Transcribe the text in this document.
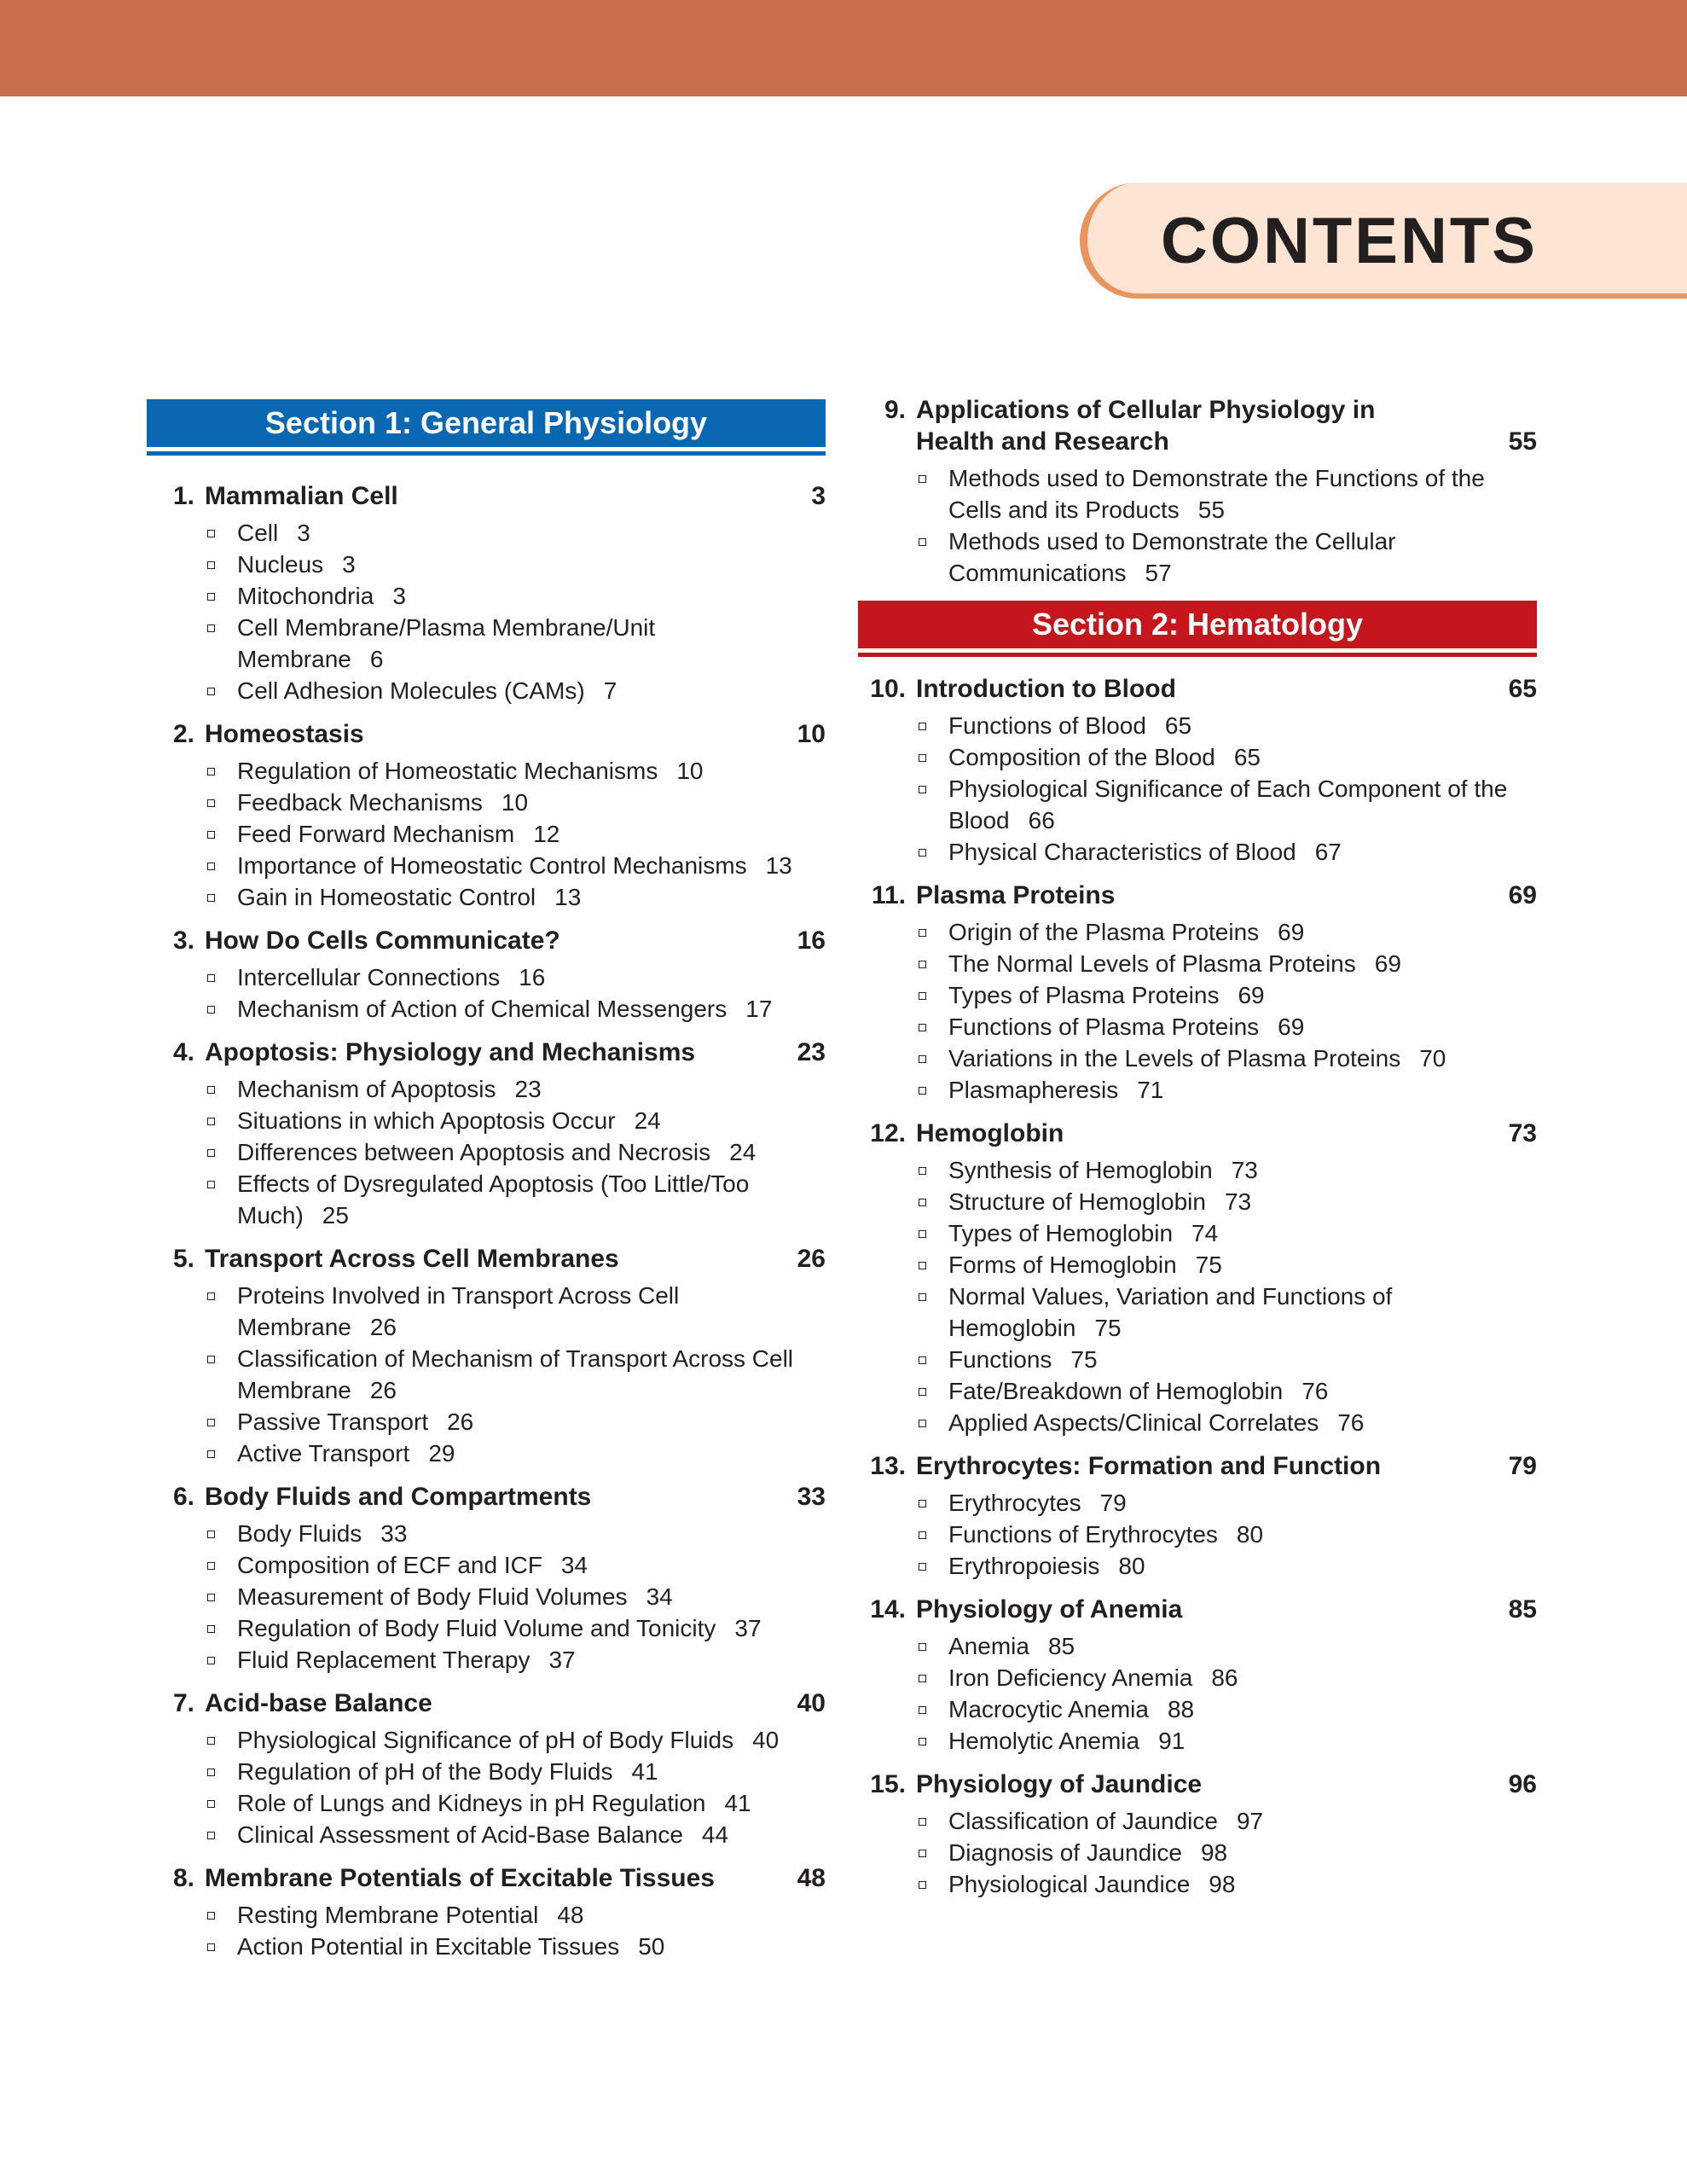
CONTENTS
Section 1: General Physiology
1. Mammalian Cell	3
Cell 3
Nucleus 3
Mitochondria 3
Cell Membrane/Plasma Membrane/Unit Membrane 6
Cell Adhesion Molecules (CAMs) 7
2. Homeostasis	10
Regulation of Homeostatic Mechanisms 10
Feedback Mechanisms 10
Feed Forward Mechanism 12
Importance of Homeostatic Control Mechanisms 13
Gain in Homeostatic Control 13
3. How Do Cells Communicate?	16
Intercellular Connections 16
Mechanism of Action of Chemical Messengers 17
4. Apoptosis: Physiology and Mechanisms	23
Mechanism of Apoptosis 23
Situations in which Apoptosis Occur 24
Differences between Apoptosis and Necrosis 24
Effects of Dysregulated Apoptosis (Too Little/Too Much) 25
5. Transport Across Cell Membranes	26
Proteins Involved in Transport Across Cell Membrane 26
Classification of Mechanism of Transport Across Cell Membrane 26
Passive Transport 26
Active Transport 29
6. Body Fluids and Compartments	33
Body Fluids 33
Composition of ECF and ICF 34
Measurement of Body Fluid Volumes 34
Regulation of Body Fluid Volume and Tonicity 37
Fluid Replacement Therapy 37
7. Acid-base Balance	40
Physiological Significance of pH of Body Fluids 40
Regulation of pH of the Body Fluids 41
Role of Lungs and Kidneys in pH Regulation 41
Clinical Assessment of Acid-Base Balance 44
8. Membrane Potentials of Excitable Tissues	48
Resting Membrane Potential 48
Action Potential in Excitable Tissues 50
9. Applications of Cellular Physiology in Health and Research	55
Methods used to Demonstrate the Functions of the Cells and its Products 55
Methods used to Demonstrate the Cellular Communications 57
Section 2: Hematology
10. Introduction to Blood	65
Functions of Blood 65
Composition of the Blood 65
Physiological Significance of Each Component of the Blood 66
Physical Characteristics of Blood 67
11. Plasma Proteins	69
Origin of the Plasma Proteins 69
The Normal Levels of Plasma Proteins 69
Types of Plasma Proteins 69
Functions of Plasma Proteins 69
Variations in the Levels of Plasma Proteins 70
Plasmapheresis 71
12. Hemoglobin	73
Synthesis of Hemoglobin 73
Structure of Hemoglobin 73
Types of Hemoglobin 74
Forms of Hemoglobin 75
Normal Values, Variation and Functions of Hemoglobin 75
Functions 75
Fate/Breakdown of Hemoglobin 76
Applied Aspects/Clinical Correlates 76
13. Erythrocytes: Formation and Function	79
Erythrocytes 79
Functions of Erythrocytes 80
Erythropoiesis 80
14. Physiology of Anemia	85
Anemia 85
Iron Deficiency Anemia 86
Macrocytic Anemia 88
Hemolytic Anemia 91
15. Physiology of Jaundice	96
Classification of Jaundice 97
Diagnosis of Jaundice 98
Physiological Jaundice 98
